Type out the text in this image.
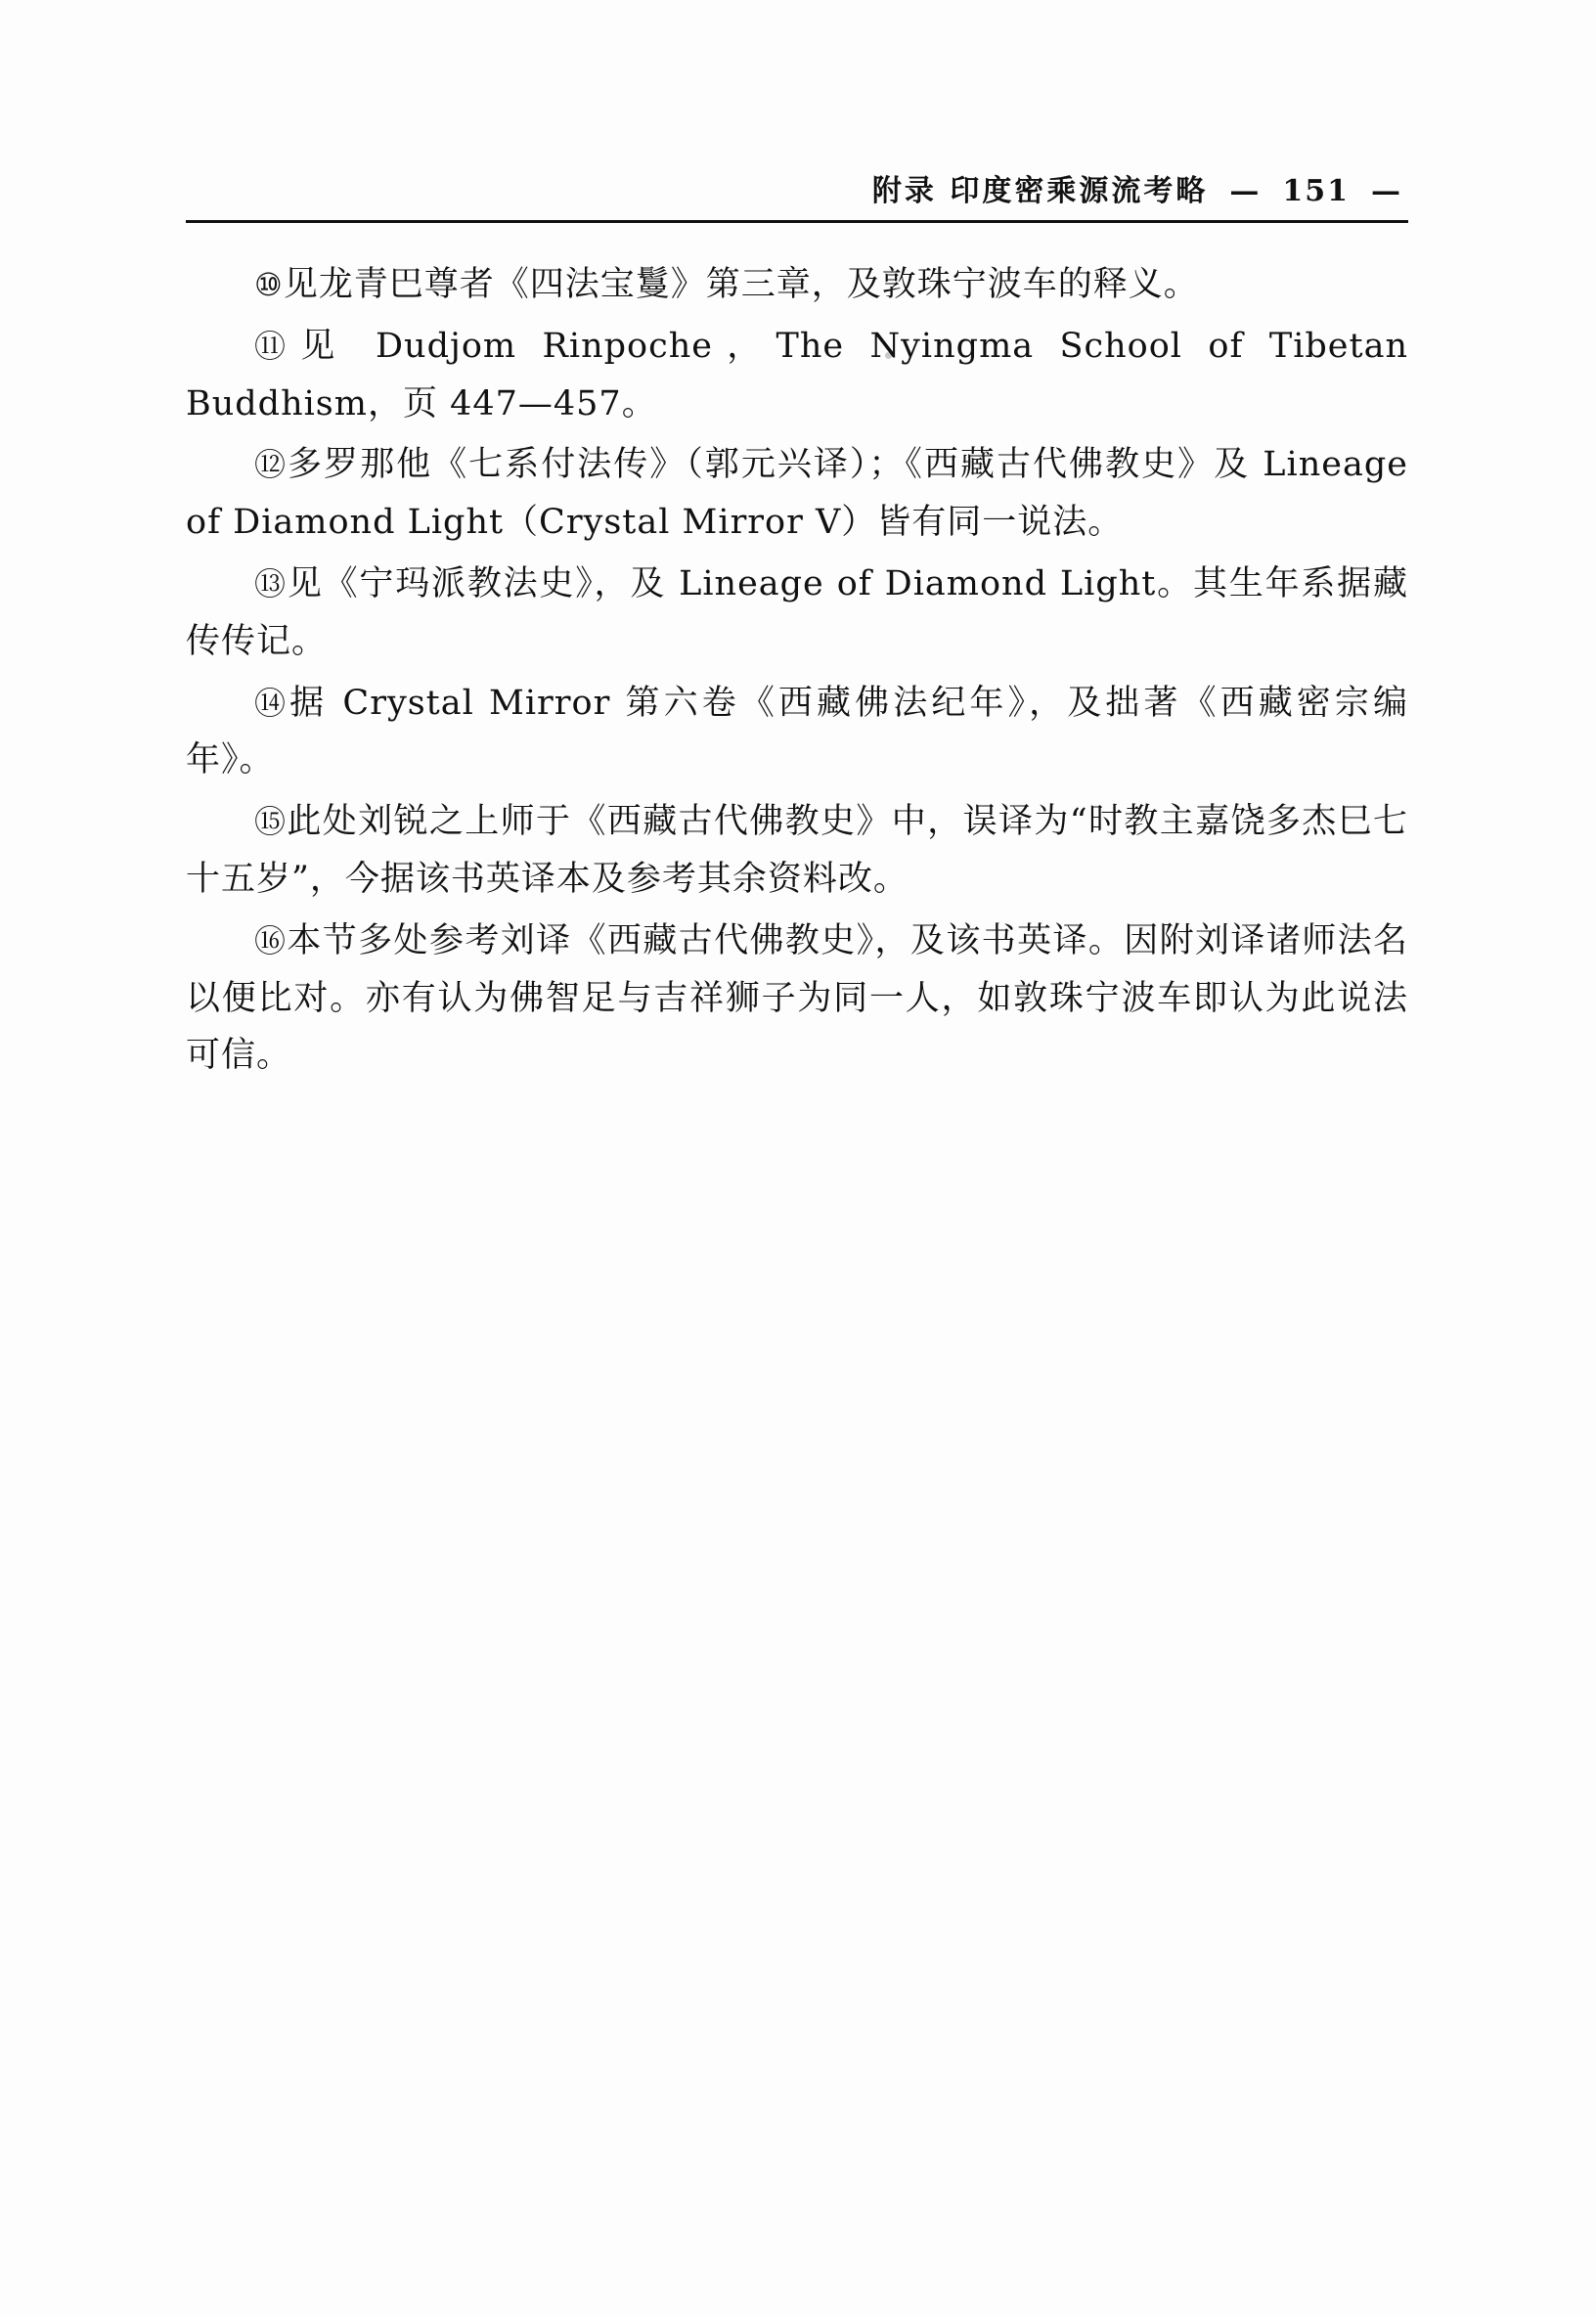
附录 印度密乘源流考略 — 151 —

⑩见龙青巴尊者《四法宝鬘》第三章，及敦珠宁波车的释义。

⑪见 Dudjom Rinpoche，The Nyingma School of Tibetan Buddhism，页 447—457。

⑫多罗那他《七系付法传》（郭元兴译）；《西藏古代佛教史》及 Lineage of Diamond Light（Crystal Mirror V）皆有同一说法。

⑬见《宁玛派教法史》，及 Lineage of Diamond Light。其生年系据藏传传记。

⑭据 Crystal Mirror 第六卷《西藏佛法纪年》，及拙著《西藏密宗编年》。

⑮此处刘锐之上师于《西藏古代佛教史》中，误译为“时教主嘉饶多杰巳七十五岁”，今据该书英译本及参考其余资料改。

⑯本节多处参考刘译《西藏古代佛教史》，及该书英译。因附刘译诸师法名以便比对。亦有认为佛智足与吉祥狮子为同一人，如敦珠宁波车即认为此说法可信。
